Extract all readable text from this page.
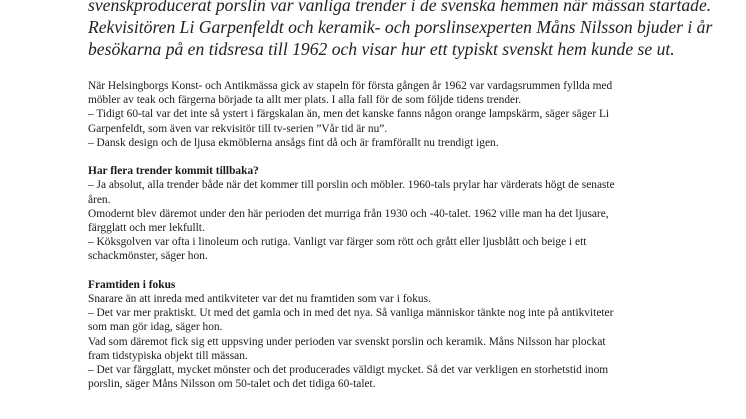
svenskproducerat porslin var vanliga trender i de svenska hemmen när mässan startade.

Rekvisitören Li Garpenfeldt och keramik- och porslinsexperten Måns Nilsson bjuder i år

besökarna på en tidsresa till 1962 och visar hur ett typiskt svenskt hem kunde se ut.

När Helsingborgs Konst- och Antikmässa gick av stapeln för första gången år 1962 var vardagsrummen fyllda med

möbler av teak och färgerna började ta allt mer plats. I alla fall för de som följde tidens trender.

– Tidigt 60-tal var det inte så ystert i färgskalan än, men det kanske fanns någon orange lampskärm, säger säger Li

Garpenfeldt, som även var rekvisitör till tv-serien ”Vår tid är nu”.

– Dansk design och de ljusa ekmöblerna ansågs fint då och är framförallt nu trendigt igen.

Har flera trender kommit tillbaka?

– Ja absolut, alla trender både när det kommer till porslin och möbler. 1960-tals prylar har värderats högt de senaste

åren.

Omodernt blev däremot under den här perioden det murriga från 1930 och -40-talet. 1962 ville man ha det ljusare,

färgglatt och mer lekfullt.

– Köksgolven var ofta i linoleum och rutiga. Vanligt var färger som rött och grått eller ljusblått och beige i ett

schackmönster, säger hon.

Framtiden i fokus

Snarare än att inreda med antikviteter var det nu framtiden som var i fokus.

– Det var mer praktiskt. Ut med det gamla och in med det nya. Så vanliga människor tänkte nog inte på antikviteter

som man gör idag, säger hon.

Vad som däremot fick sig ett uppsving under perioden var svenskt porslin och keramik. Måns Nilsson har plockat

fram tidstypiska objekt till mässan.

– Det var färgglatt, mycket mönster och det producerades väldigt mycket. Så det var verkligen en storhetstid inom

porslin, säger Måns Nilsson om 50-talet och det tidiga 60-talet.
